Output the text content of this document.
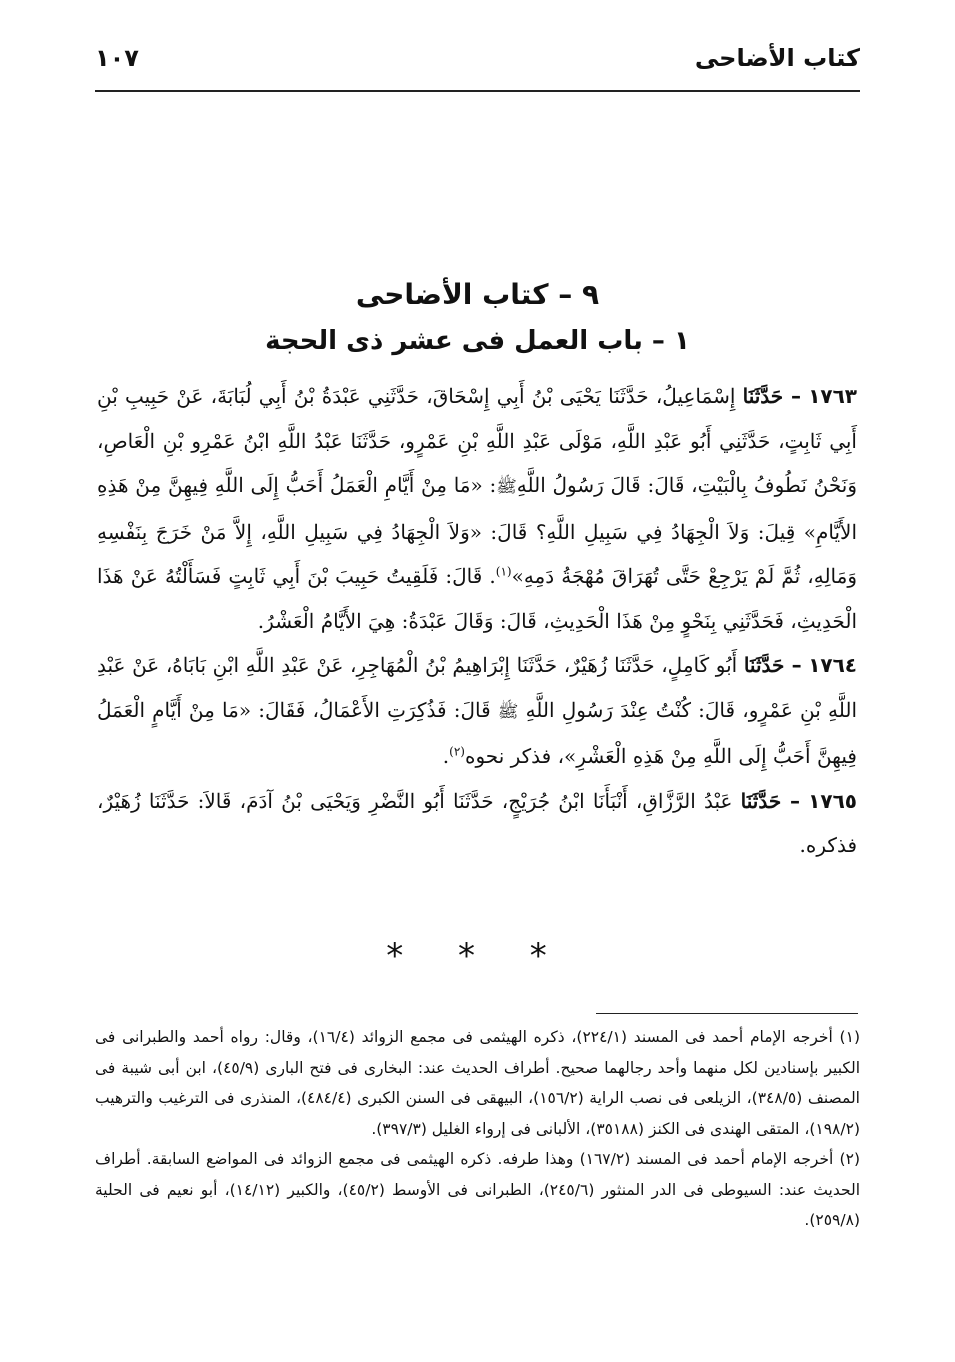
كتاب الأضاحى
١٠٧
٩ – كتاب الأضاحى
١ – باب العمل فى عشر ذى الحجة

١٧٦٣ – حَدَّثَنَا إِسْمَاعِيلُ، حَدَّثَنَا يَحْيَى بْنُ أَبِي إِسْحَاقَ، حَدَّثَنِي عَبْدَةُ بْنُ أَبِي لُبَابَةَ، عَنْ حَبِيبِ بْنِ أَبِي ثَابِتٍ، حَدَّثَنِي أَبُو عَبْدِ اللَّهِ، مَوْلَى عَبْدِ اللَّهِ بْنِ عَمْرٍو، حَدَّثَنَا عَبْدُ اللَّهِ ابْنُ عَمْرِو بْنِ الْعَاصِ، وَنَحْنُ نَطُوفُ بِالْبَيْتِ، قَالَ: قَالَ رَسُولُ اللَّهِﷺ: «مَا مِنْ أَيَّامِ الْعَمَلُ أَحَبُّ إِلَى اللَّهِ فِيهِنَّ مِنْ هَذِهِ الأَيَّامِ» قِيلَ: وَلاَ الْجِهَادُ فِي سَبِيلِ اللَّهِ؟ قَالَ: «وَلاَ الْجِهَادُ فِي سَبِيلِ اللَّهِ، إِلاَّ مَنْ خَرَجَ بِنَفْسِهِ وَمَالِهِ، ثُمَّ لَمْ يَرْجِعْ حَتَّى تُهَرَاقَ مُهْجَةُ دَمِهِ»$^{(١)}$. قَالَ: فَلَقِيتُ حَبِيبَ بْنَ أَبِي ثَابِتٍ فَسَأَلْتُهُ عَنْ هَذَا الْحَدِيثِ، فَحَدَّثَنِي بِنَحْوٍ مِنْ هَذَا الْحَدِيثِ، قَالَ: وَقَالَ عَبْدَةُ: هِيَ الأَيَّامُ الْعَشْرُ.

١٧٦٤ – حَدَّثَنَا أَبُو كَامِلٍ، حَدَّثَنَا زُهَيْرٌ، حَدَّثَنَا إِبْرَاهِيمُ بْنُ الْمُهَاجِرِ، عَنْ عَبْدِ اللَّهِ ابْنِ بَابَاهُ، عَنْ عَبْدِ اللَّهِ بْنِ عَمْرٍو، قَالَ: كُنْتُ عِنْدَ رَسُولِ اللَّهِ ﷺ قَالَ: فَذُكِرَتِ الأَعْمَالُ، فَقَالَ: «مَا مِنْ أَيَّامٍ الْعَمَلُ فِيهِنَّ أَحَبُّ إِلَى اللَّهِ مِنْ هَذِهِ الْعَشْرِ»، فذكر نحوه$^{(٢)}$.

١٧٦٥ – حَدَّثَنَا عَبْدُ الرَّزَّاقِ، أَنْبَأَنَا ابْنُ جُرَيْجٍ، حَدَّثَنَا أَبُو النَّضْرِ وَيَحْيَى بْنُ آدَمَ، قَالاَ: حَدَّثَنَا زُهَيْرٌ، فذكره.

* * *

(١) أخرجه الإمام أحمد فى المسند (٢٢٤/١)، ذكره الهيثمى فى مجمع الزوائد (١٦/٤)، وقال: رواه أحمد والطبرانى فى الكبير بإسنادين لكل منهما وأحد رجالهما صحيح. أطراف الحديث عند: البخارى فى فتح البارى (٤٥/٩)، ابن أبى شيبة فى المصنف (٣٤٨/٥)، الزيلعى فى نصب الراية (١٥٦/٢)، البيهقى فى السنن الكبرى (٤٨٤/٤)، المنذرى فى الترغيب والترهيب (١٩٨/٢)، المتقى الهندى فى الكنز (٣٥١٨٨)، الألبانى فى إرواء الغليل (٣٩٧/٣).

(٢) أخرجه الإمام أحمد فى المسند (١٦٧/٢) وهذا طرفه. ذكره الهيثمى فى مجمع الزوائد فى المواضع السابقة. أطراف الحديث عند: السيوطى فى الدر المنثور (٢٤٥/٦)، الطبرانى فى الأوسط (٤٥/٢)، والكبير (١٤/١٢)، أبو نعيم فى الحلية (٢٥٩/٨).
